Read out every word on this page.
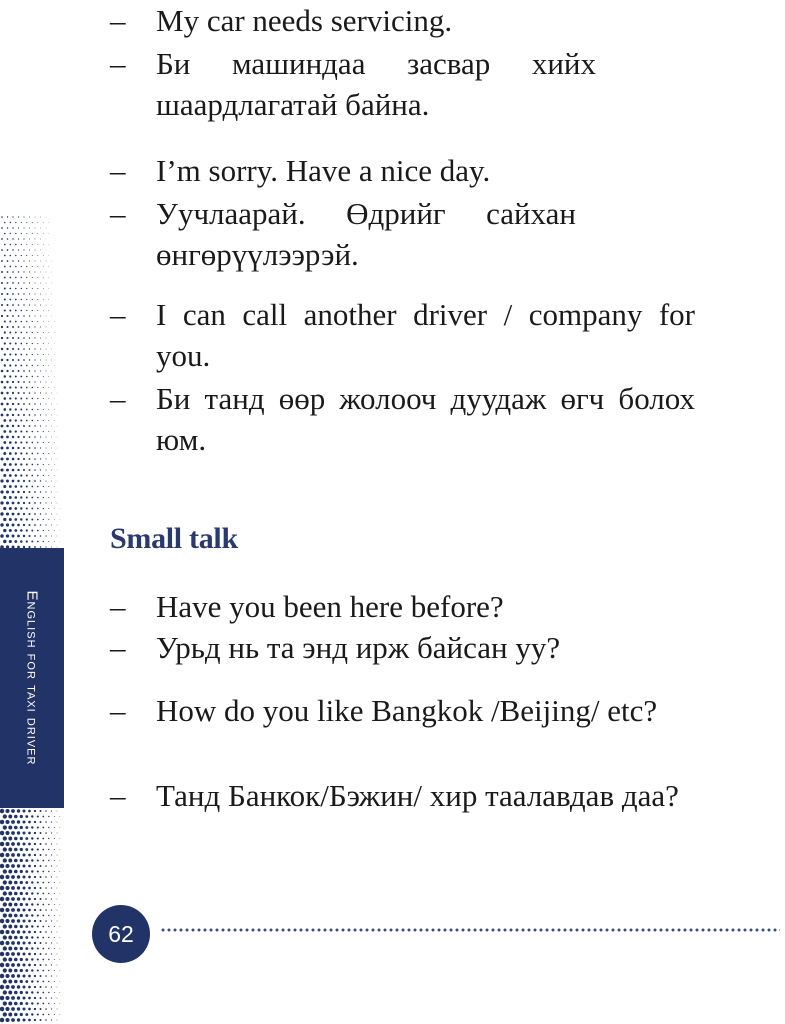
English for taxi driver
– My car needs servicing.
– Би машиндаа засвар хийх шаардлагатай байна.
– I’m sorry. Have a nice day.
– Уучлаарай. Өдрийг сайхан өнгөрүүлээрэй.
– I can call another driver / company for you.
– Би танд өөр жолооч дуудаж өгч болох юм.
Small talk
– Have you been here before?
– Урьд нь та энд ирж байсан уу?
– How do you like Bangkok /Beijing/ etc?
– Танд Банкок/Бэжин/ хир таалавдав даа?
62
